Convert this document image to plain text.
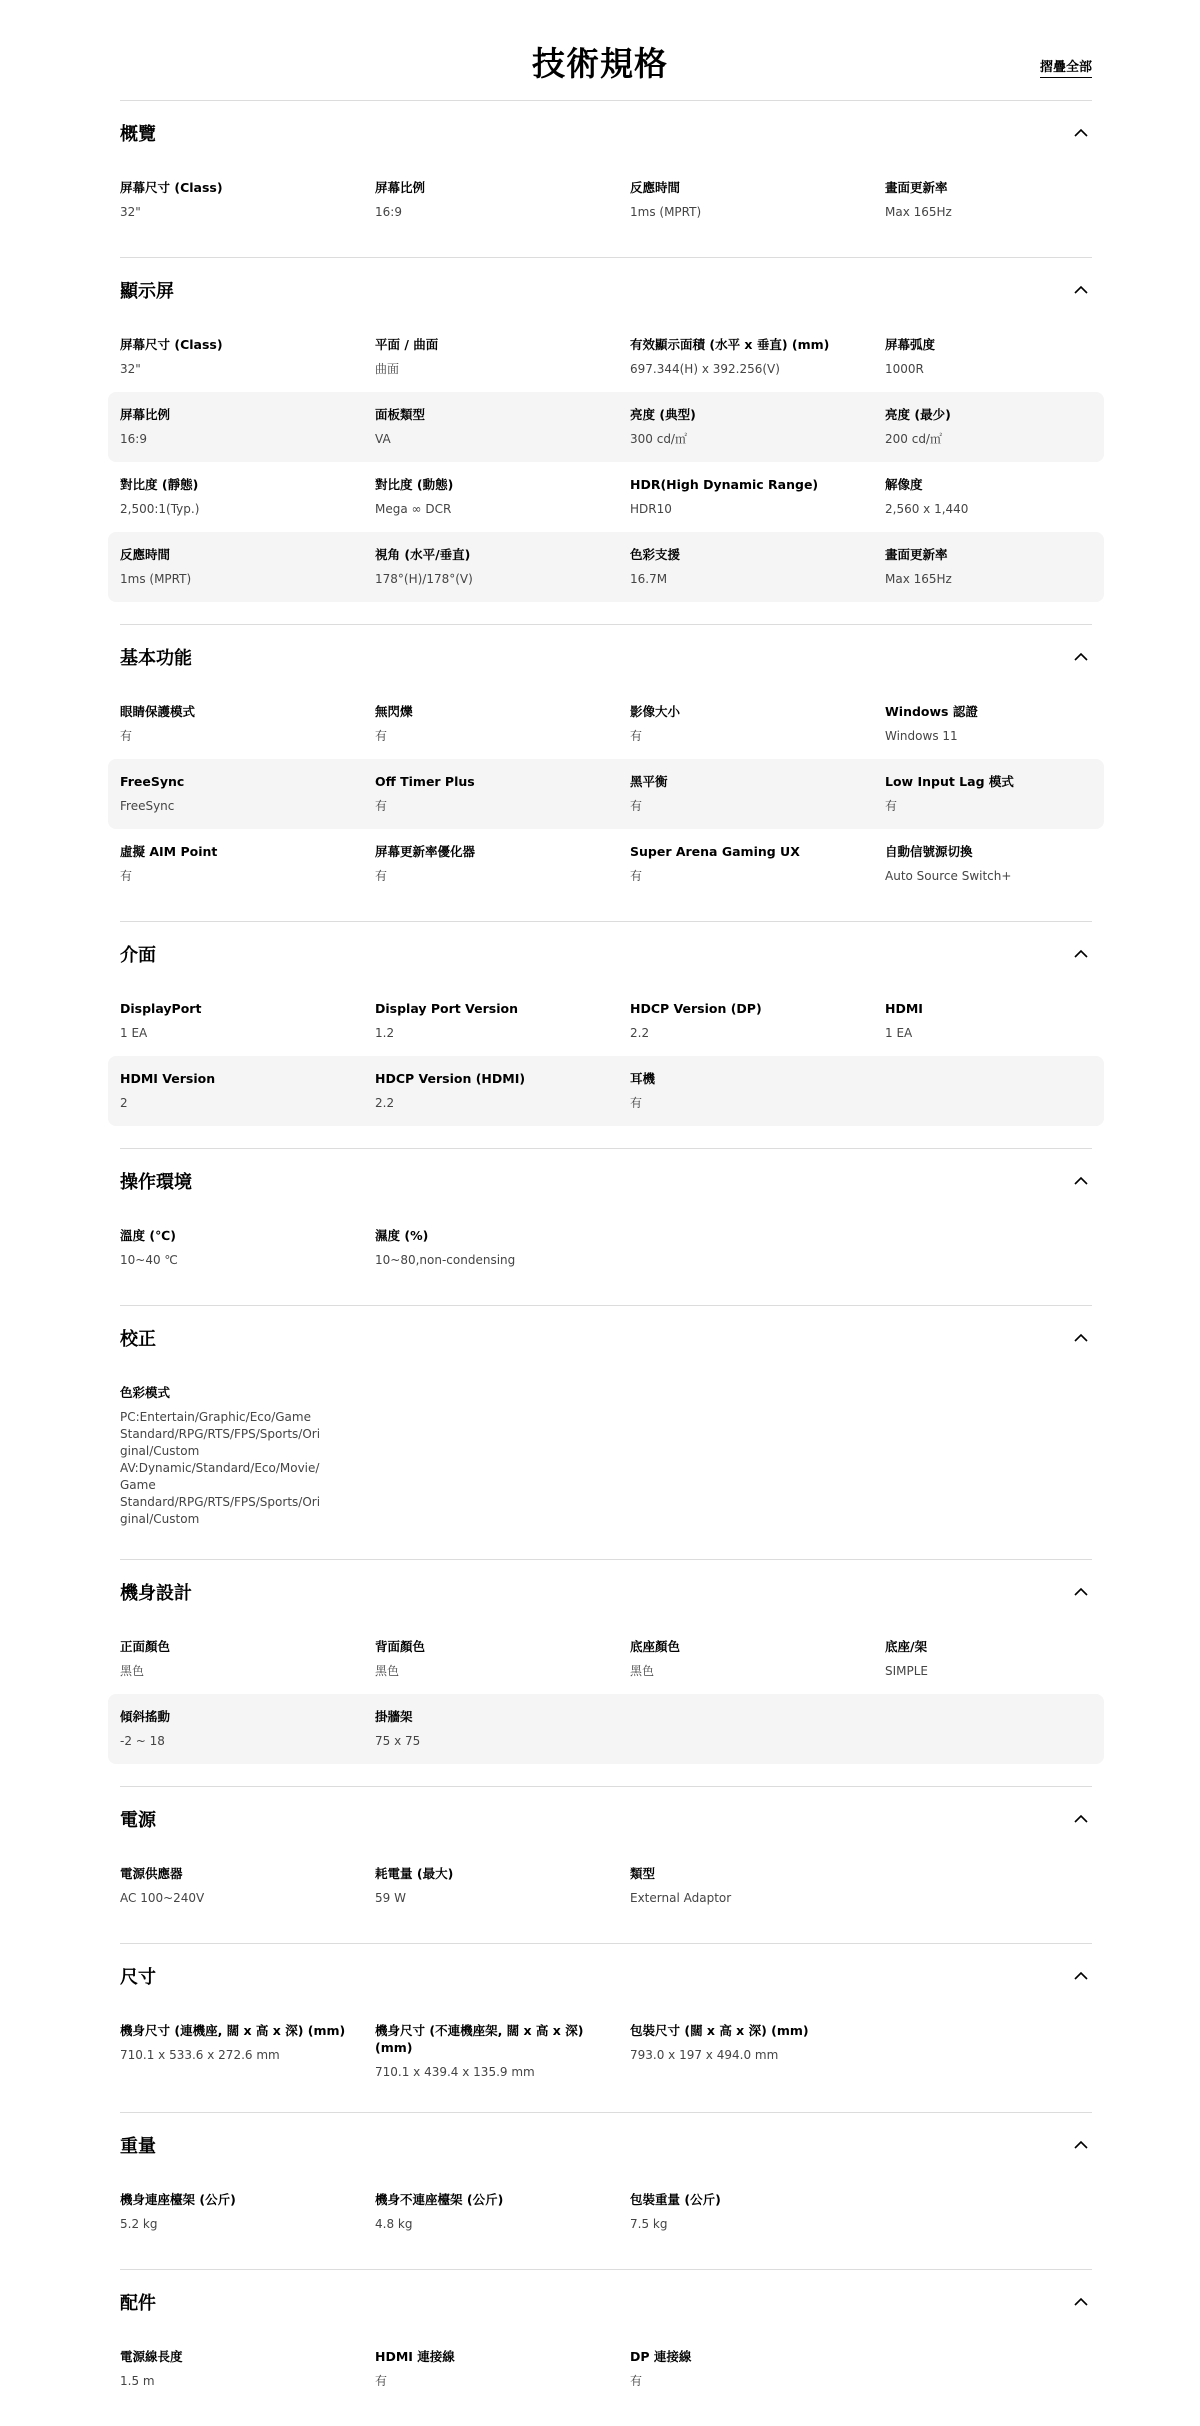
技術規格	摺疊全部
概覽
屏幕尺寸 (Class)
32"
屏幕比例
16:9
反應時間
1ms (MPRT)
畫面更新率
Max 165Hz
顯示屏
屏幕尺寸 (Class)
32"
平面 / 曲面
曲面
有效顯示面積 (水平 x 垂直) (mm)
697.344(H) x 392.256(V)
屏幕弧度
1000R
屏幕比例
16:9
面板類型
VA
亮度 (典型)
300 cd/㎡
亮度 (最少)
200 cd/㎡
對比度 (靜態)
2,500:1(Typ.)
對比度 (動態)
Mega ∞ DCR
HDR(High Dynamic Range)
HDR10
解像度
2,560 x 1,440
反應時間
1ms (MPRT)
視角 (水平/垂直)
178°(H)/178°(V)
色彩支援
16.7M
畫面更新率
Max 165Hz
基本功能
眼睛保護模式
有
無閃爍
有
影像大小
有
Windows 認證
Windows 11
FreeSync
FreeSync
Off Timer Plus
有
黑平衡
有
Low Input Lag 模式
有
虛擬 AIM Point
有
屏幕更新率優化器
有
Super Arena Gaming UX
有
自動信號源切換
Auto Source Switch+
介面
DisplayPort
1 EA
Display Port Version
1.2
HDCP Version (DP)
2.2
HDMI
1 EA
HDMI Version
2
HDCP Version (HDMI)
2.2
耳機
有
操作環境
溫度 (℃)
10~40 ℃
濕度 (%)
10~80,non-condensing
校正
色彩模式
PC:Entertain/Graphic/Eco/Game
Standard/RPG/RTS/FPS/Sports/Ori
ginal/Custom
AV:Dynamic/Standard/Eco/Movie/
Game
Standard/RPG/RTS/FPS/Sports/Ori
ginal/Custom
機身設計
正面顏色
黑色
背面顏色
黑色
底座顏色
黑色
底座/架
SIMPLE
傾斜搖動
-2 ~ 18
掛牆架
75 x 75
電源
電源供應器
AC 100~240V
耗電量 (最大)
59 W
類型
External Adaptor
尺寸
機身尺寸 (連機座, 闊 x 高 x 深) (mm)
710.1 x 533.6 x 272.6 mm
機身尺寸 (不連機座架, 闊 x 高 x 深)
(mm)
710.1 x 439.4 x 135.9 mm
包裝尺寸 (闊 x 高 x 深) (mm)
793.0 x 197 x 494.0 mm
重量
機身連座檯架 (公斤)
5.2 kg
機身不連座檯架 (公斤)
4.8 kg
包裝重量 (公斤)
7.5 kg
配件
電源線長度
1.5 m
HDMI 連接線
有
DP 連接線
有
